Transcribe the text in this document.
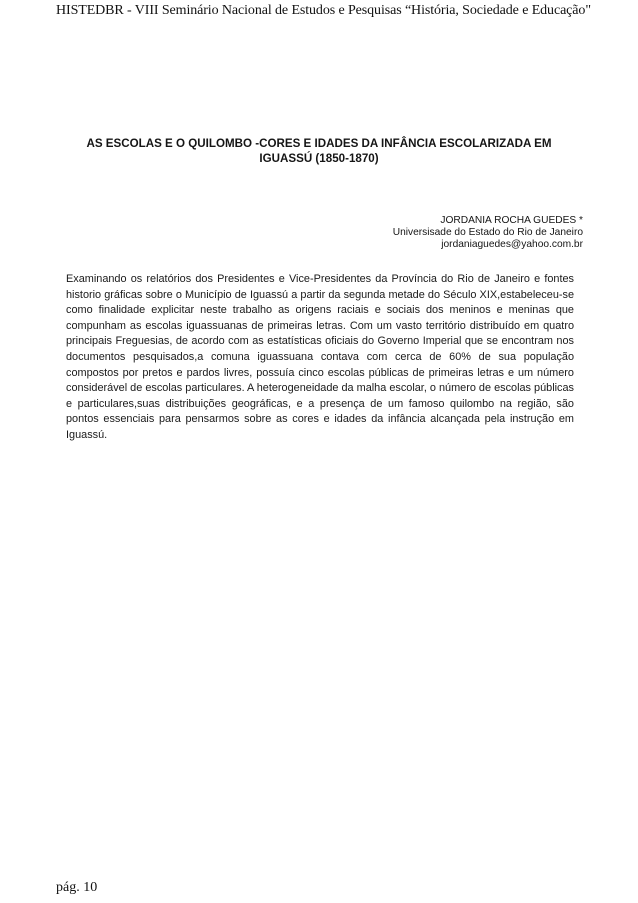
HISTEDBR - VIII Seminário Nacional de Estudos e Pesquisas “História, Sociedade e Educação"
AS ESCOLAS E O QUILOMBO -CORES E IDADES DA INFÂNCIA ESCOLARIZADA EM IGUASSÚ (1850-1870)
JORDANIA ROCHA GUEDES *
Universisade do Estado do Rio de Janeiro
jordaniaguedes@yahoo.com.br
Examinando os relatórios dos Presidentes e Vice-Presidentes da Província do Rio de Janeiro e fontes historio gráficas sobre o Município de Iguassú a partir da segunda metade do Século XIX,estabeleceu-se como finalidade explicitar neste trabalho as origens raciais e sociais dos meninos e meninas que compunham as escolas iguassuanas de primeiras letras. Com um vasto território distribuído em quatro principais Freguesias, de acordo com as estatísticas oficiais do Governo Imperial que se encontram nos documentos pesquisados,a comuna iguassuana contava com cerca de 60% de sua população compostos por pretos e pardos livres, possuía cinco escolas públicas de primeiras letras e um número considerável de escolas particulares. A heterogeneidade da malha escolar, o número de escolas públicas e particulares,suas distribuições geográficas, e a presença de um famoso quilombo na região, são pontos essenciais para pensarmos sobre as cores e idades da infância alcançada pela instrução em Iguassú.
pág. 10
